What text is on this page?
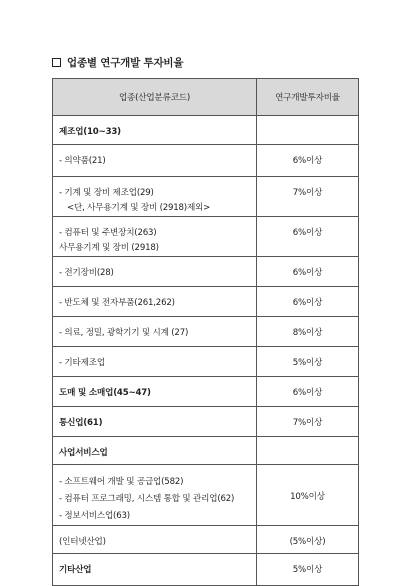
업종별 연구개발 투자비율
업종(산업분류코드)	연구개발투자비율

제조업(10~33)	

- 의약품(21)	6%이상

- 기계 및 장비 제조업(29)
<단, 사무용기계 및 장비 (2918)제외>	7%이상

- 컴퓨터 및 주변장치(263)
사무용기계 및 장비 (2918)	6%이상

- 전기장비(28)	6%이상

- 반도체 및 전자부품(261,262)	6%이상

- 의료, 정밀, 광학기기 및 시계 (27)	8%이상

- 기타제조업	5%이상

도매 및 소매업(45~47)	6%이상

통신업(61)	7%이상

사업서비스업	

- 소프트웨어 개발 및 공급업(582)
- 컴퓨터 프로그래밍, 시스템 통합 및 관리업(62)
- 정보서비스업(63)	10%이상

(인터넷산업)	(5%이상)

기타산업	5%이상
